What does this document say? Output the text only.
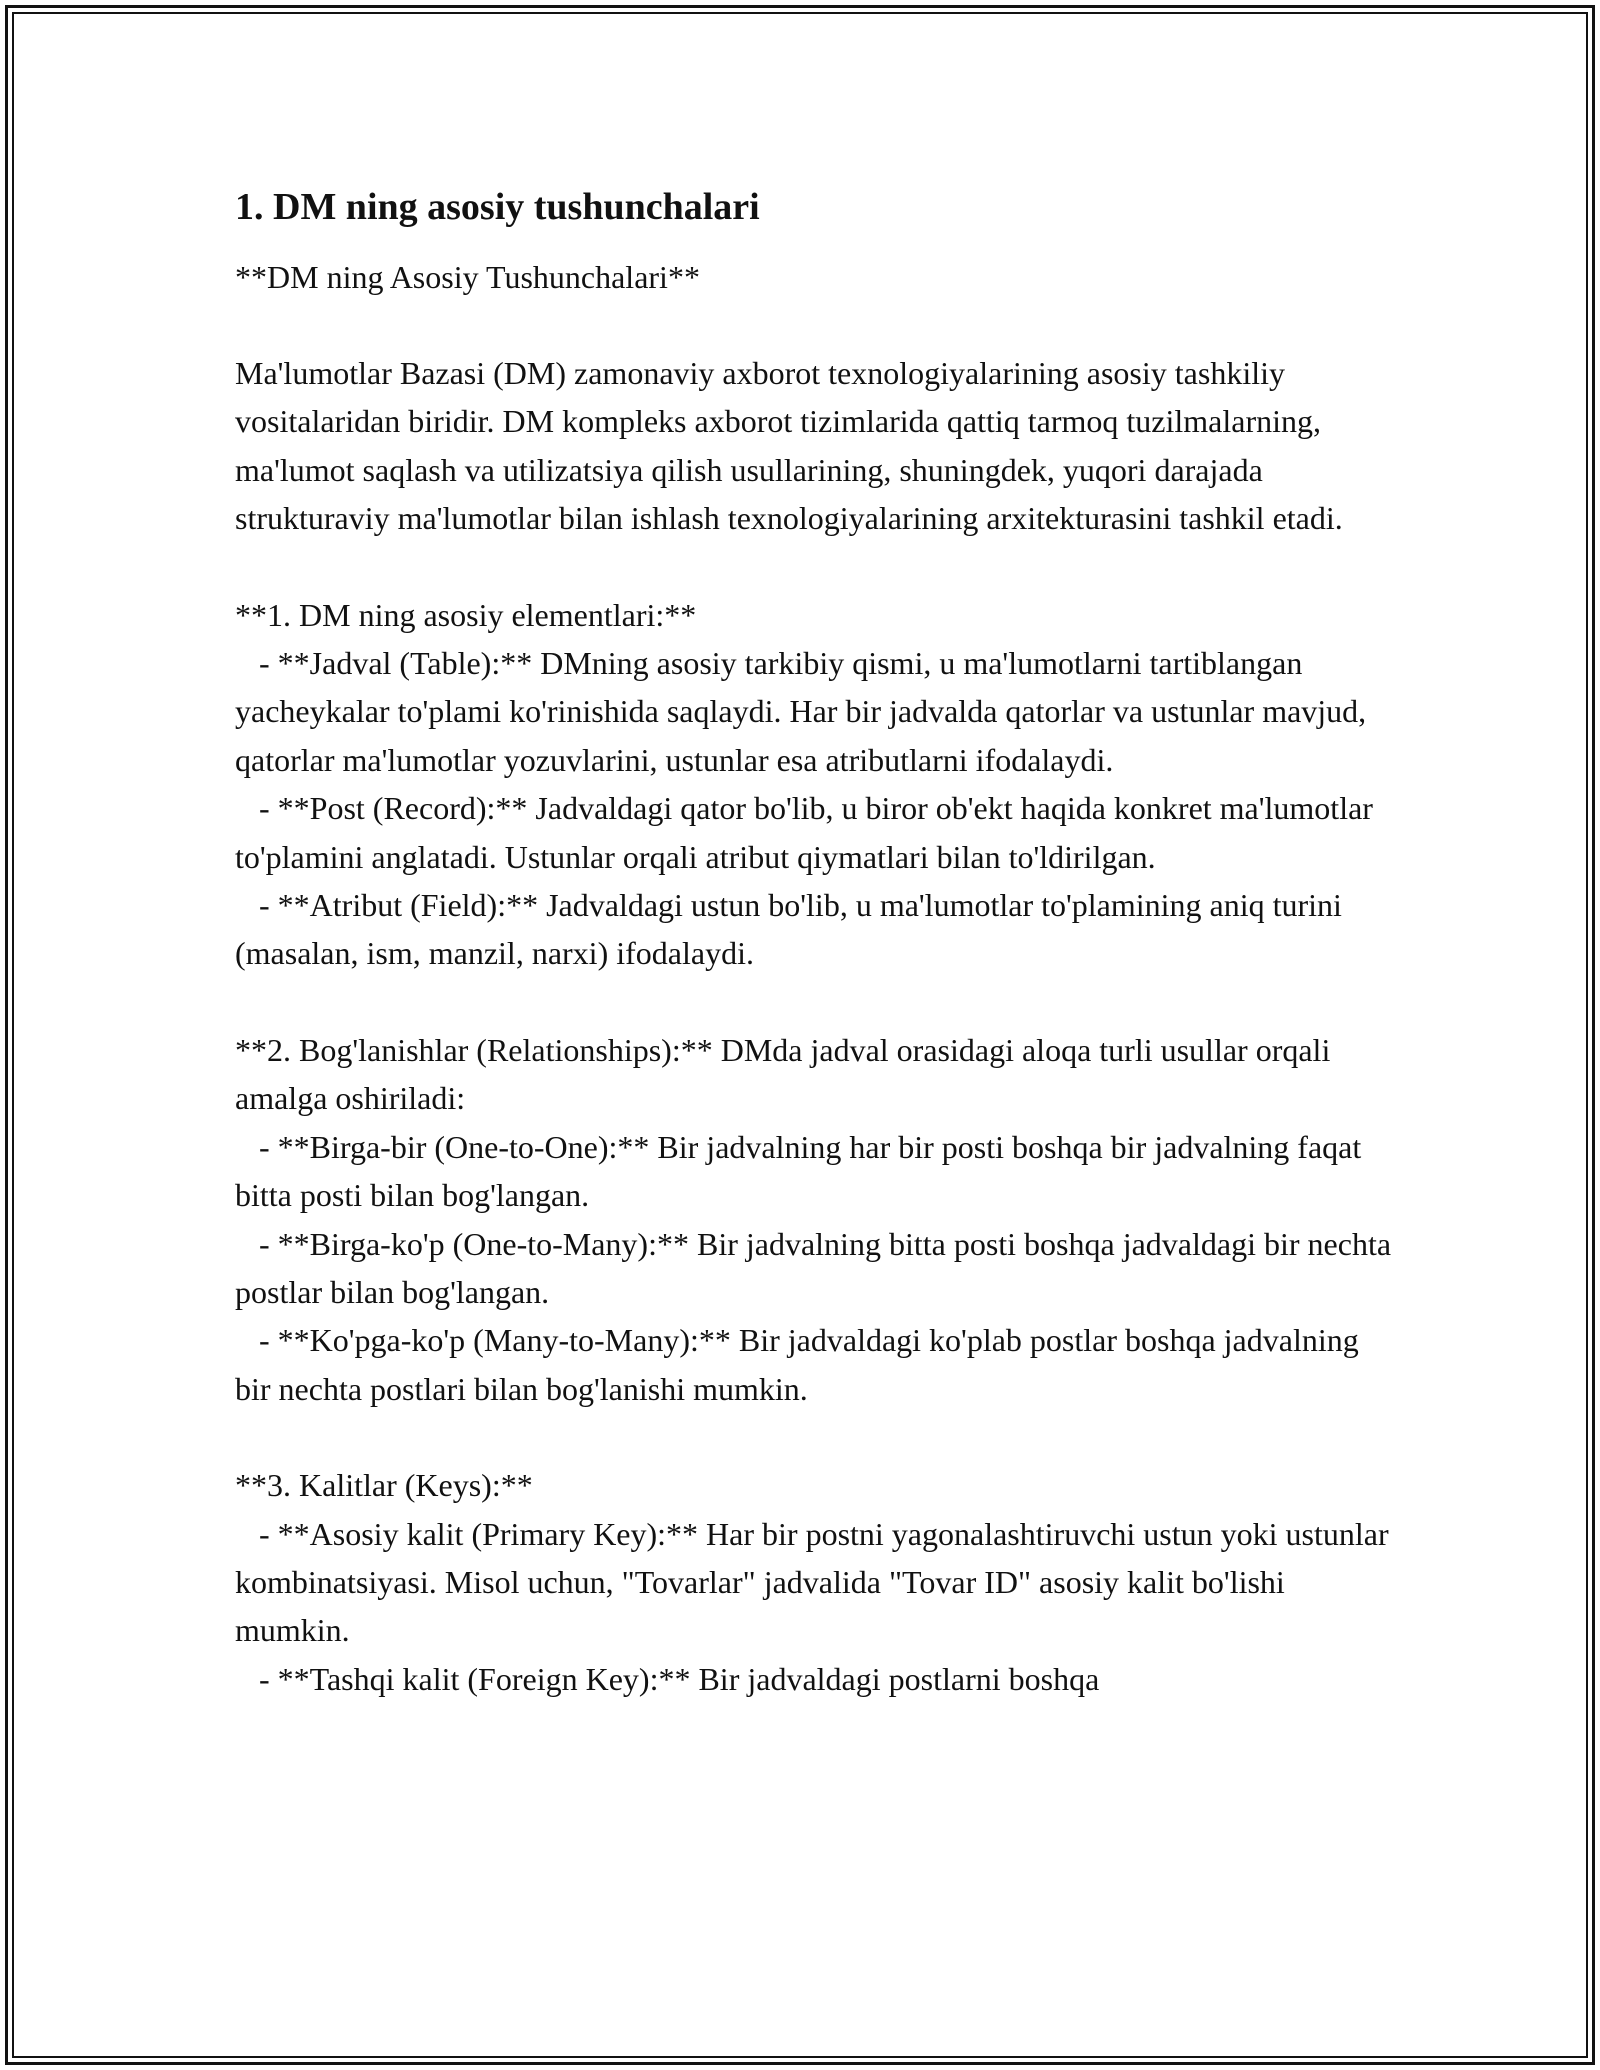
1. DM ning asosiy tushunchalari

**DM ning Asosiy Tushunchalari**

Ma'lumotlar Bazasi (DM) zamonaviy axborot texnologiyalarining asosiy tashkiliy vositalaridan biridir. DM kompleks axborot tizimlarida qattiq tarmoq tuzilmalarning, ma'lumot saqlash va utilizatsiya qilish usullarining, shuningdek, yuqori darajada strukturaviy ma'lumotlar bilan ishlash texnologiyalarining arxitekturasini tashkil etadi.

**1. DM ning asosiy elementlari:**

- **Jadval (Table):** DMning asosiy tarkibiy qismi, u ma'lumotlarni tartiblangan yacheykalar to'plami ko'rinishida saqlaydi. Har bir jadvalda qatorlar va ustunlar mavjud, qatorlar ma'lumotlar yozuvlarini, ustunlar esa atributlarni ifodalaydi.

- **Post (Record):** Jadvaldagi qator bo'lib, u biror ob'ekt haqida konkret ma'lumotlar to'plamini anglatadi. Ustunlar orqali atribut qiymatlari bilan to'ldirilgan.

- **Atribut (Field):** Jadvaldagi ustun bo'lib, u ma'lumotlar to'plamining aniq turini (masalan, ism, manzil, narxi) ifodalaydi.

**2. Bog'lanishlar (Relationships):** DMda jadval orasidagi aloqa turli usullar orqali amalga oshiriladi:

- **Birga-bir (One-to-One):** Bir jadvalning har bir posti boshqa bir jadvalning faqat bitta posti bilan bog'langan.

- **Birga-ko'p (One-to-Many):** Bir jadvalning bitta posti boshqa jadvaldagi bir nechta postlar bilan bog'langan.

- **Ko'pga-ko'p (Many-to-Many):** Bir jadvaldagi ko'plab postlar boshqa jadvalning bir nechta postlari bilan bog'lanishi mumkin.

**3. Kalitlar (Keys):**

- **Asosiy kalit (Primary Key):** Har bir postni yagonalashtiruvchi ustun yoki ustunlar kombinatsiyasi. Misol uchun, "Tovarlar" jadvalida "Tovar ID" asosiy kalit bo'lishi mumkin.

- **Tashqi kalit (Foreign Key):** Bir jadvaldagi postlarni boshqa
